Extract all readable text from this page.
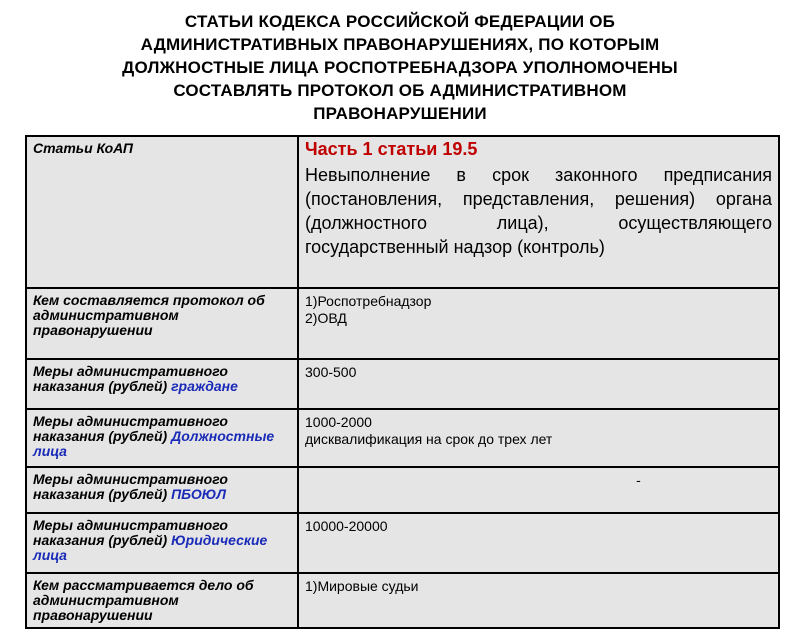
СТАТЬИ КОДЕКСА РОССИЙСКОЙ ФЕДЕРАЦИИ ОБ
АДМИНИСТРАТИВНЫХ ПРАВОНАРУШЕНИЯХ, ПО КОТОРЫМ
ДОЛЖНОСТНЫЕ ЛИЦА РОСПОТРЕБНАДЗОРА УПОЛНОМОЧЕНЫ
СОСТАВЛЯТЬ ПРОТОКОЛ ОБ АДМИНИСТРАТИВНОМ
ПРАВОНАРУШЕНИИ
Статьи КоАП	Часть 1 статьи 19.5
Невыполнение в срок законного предписания (постановления, представления, решения) органа (должностного лица), осуществляющего государственный надзор (контроль)

Кем составляется протокол об административном правонарушении	1)Роспотребнадзор
2)ОВД

Меры административного наказания (рублей) граждане	300-500
Меры административного наказания (рублей) Должностные лица	1000-2000
дисквалификация на срок до трех лет

Меры административного наказания (рублей) ПБОЮЛ	-

Меры административного наказания (рублей) Юридические лица	10000-20000
Кем рассматривается дело об административном правонарушении	1)Мировые судьи
